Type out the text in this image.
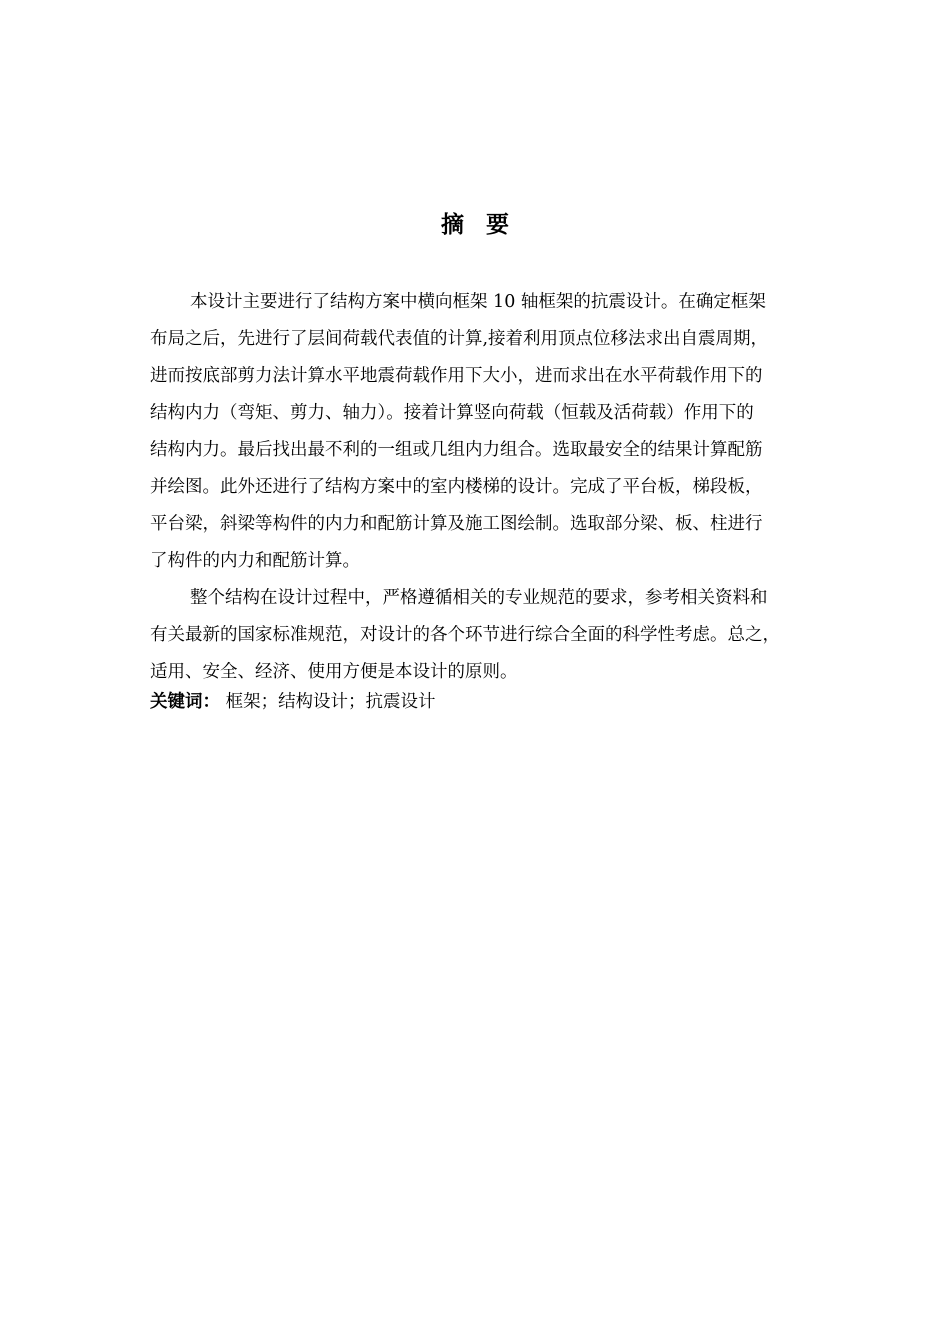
摘 要
本设计主要进行了结构方案中横向框架 10 轴框架的抗震设计。在确定框架
布局之后，先进行了层间荷载代表值的计算,接着利用顶点位移法求出自震周期，
进而按底部剪力法计算水平地震荷载作用下大小，进而求出在水平荷载作用下的
结构内力（弯矩、剪力、轴力）。接着计算竖向荷载（恒载及活荷载）作用下的
结构内力。最后找出最不利的一组或几组内力组合。选取最安全的结果计算配筋
并绘图。此外还进行了结构方案中的室内楼梯的设计。完成了平台板，梯段板，
平台梁，斜梁等构件的内力和配筋计算及施工图绘制。选取部分梁、板、柱进行
了构件的内力和配筋计算。
整个结构在设计过程中，严格遵循相关的专业规范的要求，参考相关资料和
有关最新的国家标准规范，对设计的各个环节进行综合全面的科学性考虑。总之，
适用、安全、经济、使用方便是本设计的原则。
关键词： 框架；结构设计；抗震设计
